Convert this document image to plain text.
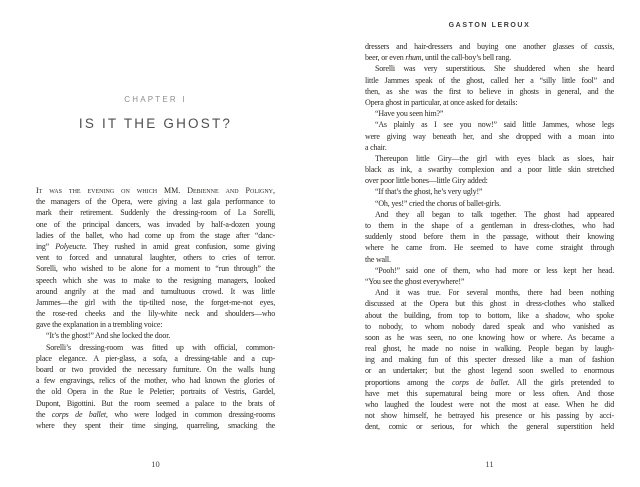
CHAPTER I
IS IT THE GHOST?
It was the evening on which MM. Debienne and Poligny,
the managers of the Opera, were giving a last gala performance to
mark their retirement. Suddenly the dressing-room of La Sorelli,
one of the principal dancers, was invaded by half-a-dozen young
ladies of the ballet, who had come up from the stage after “danc-
ing” Polyeucte. They rushed in amid great confusion, some giving
vent to forced and unnatural laughter, others to cries of terror.
Sorelli, who wished to be alone for a moment to “run through” the
speech which she was to make to the resigning managers, looked
around angrily at the mad and tumultuous crowd. It was little
Jammes—the girl with the tip-tilted nose, the forget-me-not eyes,
the rose-red cheeks and the lily-white neck and shoulders—who
gave the explanation in a trembling voice:
“It’s the ghost!” And she locked the door.
Sorelli’s dressing-room was fitted up with official, common-
place elegance. A pier-glass, a sofa, a dressing-table and a cup-
board or two provided the necessary furniture. On the walls hung
a few engravings, relics of the mother, who had known the glories of
the old Opera in the Rue le Peletier; portraits of Vestris, Gardel,
Dupont, Bigottini. But the room seemed a palace to the brats of
the corps de ballet, who were lodged in common dressing-rooms
where they spent their time singing, quarreling, smacking the
10
GASTON LEROUX
dressers and hair-dressers and buying one another glasses of cassis,
beer, or even rhum, until the call-boy’s bell rang.
Sorelli was very superstitious. She shuddered when she heard
little Jammes speak of the ghost, called her a “silly little fool” and
then, as she was the first to believe in ghosts in general, and the
Opera ghost in particular, at once asked for details:
“Have you seen him?”
“As plainly as I see you now!” said little Jammes, whose legs
were giving way beneath her, and she dropped with a moan into
a chair.
Thereupon little Giry—the girl with eyes black as sloes, hair
black as ink, a swarthy complexion and a poor little skin stretched
over poor little bones—little Giry added:
“If that’s the ghost, he’s very ugly!”
“Oh, yes!” cried the chorus of ballet-girls.
And they all began to talk together. The ghost had appeared
to them in the shape of a gentleman in dress-clothes, who had
suddenly stood before them in the passage, without their knowing
where he came from. He seemed to have come straight through
the wall.
“Pooh!” said one of them, who had more or less kept her head.
“You see the ghost everywhere!”
And it was true. For several months, there had been nothing
discussed at the Opera but this ghost in dress-clothes who stalked
about the building, from top to bottom, like a shadow, who spoke
to nobody, to whom nobody dared speak and who vanished as
soon as he was seen, no one knowing how or where. As became a
real ghost, he made no noise in walking. People began by laugh-
ing and making fun of this specter dressed like a man of fashion
or an undertaker; but the ghost legend soon swelled to enormous
proportions among the corps de ballet. All the girls pretended to
have met this supernatural being more or less often. And those
who laughed the loudest were not the most at ease. When he did
not show himself, he betrayed his presence or his passing by acci-
dent, comic or serious, for which the general superstition held
11
